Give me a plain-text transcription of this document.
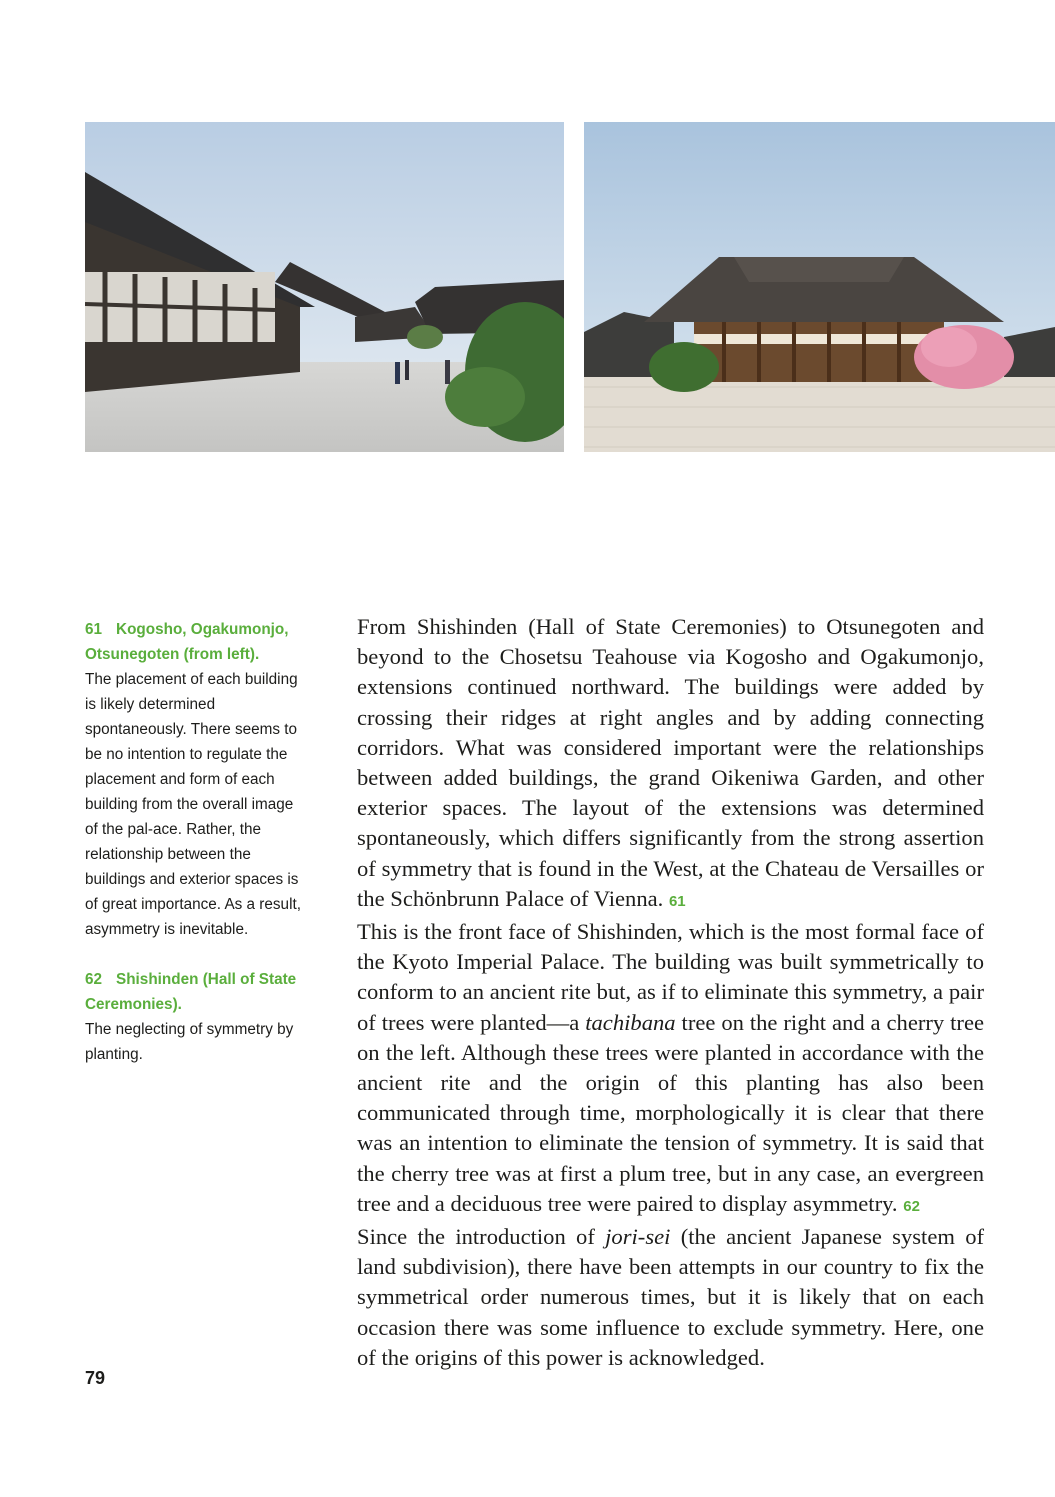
61 Kogosho, Ogakumonjo, Otsunegoten (from left).
The placement of each building is likely determined spontaneously. There seems to be no intention to regulate the placement and form of each building from the overall image of the pal-ace. Rather, the relationship between the buildings and exterior spaces is of great importance. As a result, asymmetry is inevitable.
62 Shishinden (Hall of State Ceremonies).
The neglecting of symmetry by planting.
79

From Shishinden (Hall of State Ceremonies) to Otsunegoten and beyond to the Chosetsu Teahouse via Kogosho and Ogakumonjo, extensions continued northward. The buildings were added by crossing their ridges at right angles and by adding connecting corridors. What was considered important were the relationships between added buildings, the grand Oikeniwa Garden, and other exterior spaces. The layout of the extensions was determined spontaneously, which differs significantly from the strong assertion of symmetry that is found in the West, at the Chateau de Versailles or the Schönbrunn Palace of Vienna. 61

This is the front face of Shishinden, which is the most formal face of the Kyoto Imperial Palace. The building was built symmetrically to conform to an ancient rite but, as if to eliminate this symmetry, a pair of trees were planted—a tachibana tree on the right and a cherry tree on the left. Although these trees were planted in accordance with the ancient rite and the origin of this planting has also been communicated through time, morphologically it is clear that there was an intention to eliminate the tension of symmetry. It is said that the cherry tree was at first a plum tree, but in any case, an evergreen tree and a deciduous tree were paired to display asymmetry. 62

Since the introduction of jori-sei (the ancient Japanese system of land subdivision), there have been attempts in our country to fix the symmetrical order numerous times, but it is likely that on each occasion there was some influence to exclude symmetry. Here, one of the origins of this power is acknowledged.
